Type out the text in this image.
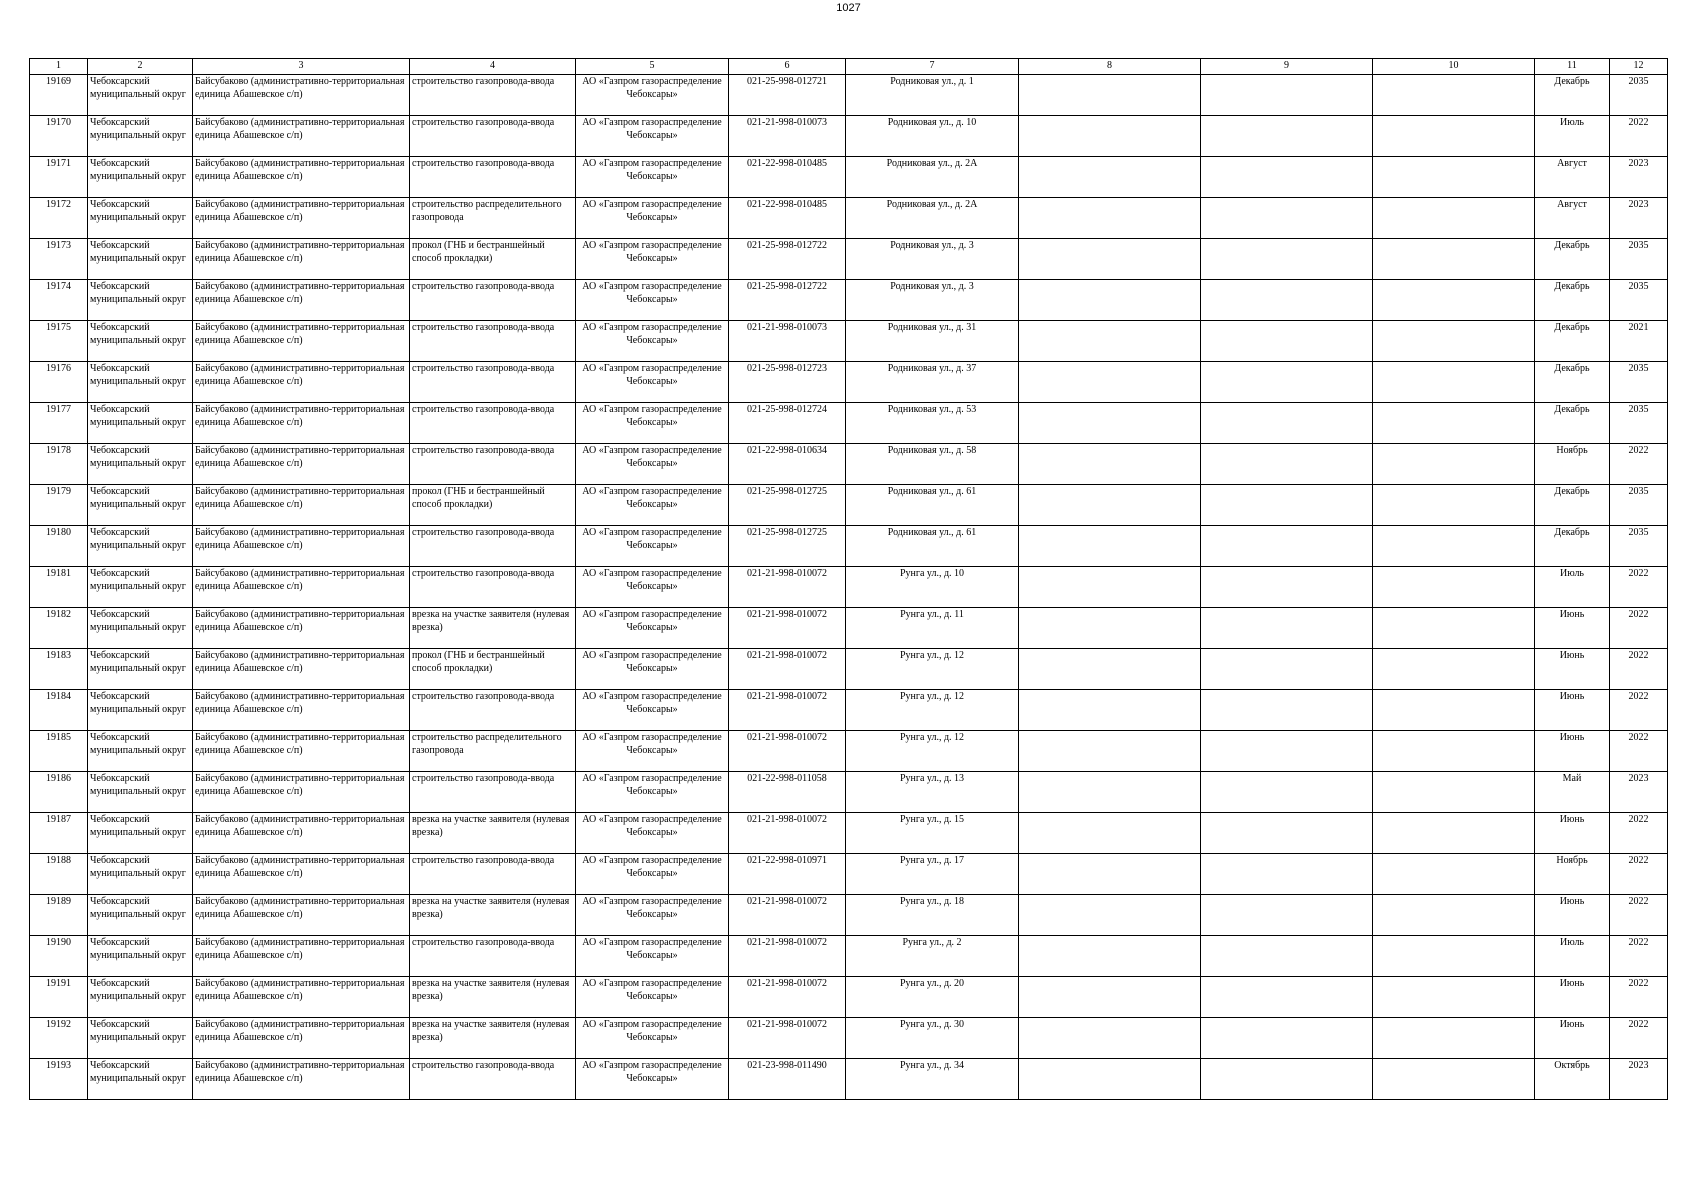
1027
1	2	3	4	5	6	7	8	9	10	11	12

19169	Чебоксарский муниципальный округ	Байсубаково (административно-территориальная единица Абашевское с/п)	строительство газопровода-ввода	АО «Газпром газораспределение Чебоксары»	021-25-998-012721	Родниковая ул., д. 1				Декабрь	2035

19170	Чебоксарский муниципальный округ	Байсубаково (административно-территориальная единица Абашевское с/п)	строительство газопровода-ввода	АО «Газпром газораспределение Чебоксары»	021-21-998-010073	Родниковая ул., д. 10				Июль	2022

19171	Чебоксарский муниципальный округ	Байсубаково (административно-территориальная единица Абашевское с/п)	строительство газопровода-ввода	АО «Газпром газораспределение Чебоксары»	021-22-998-010485	Родниковая ул., д. 2А				Август	2023

19172	Чебоксарский муниципальный округ	Байсубаково (административно-территориальная единица Абашевское с/п)	строительство распределительного газопровода	АО «Газпром газораспределение Чебоксары»	021-22-998-010485	Родниковая ул., д. 2А				Август	2023

19173	Чебоксарский муниципальный округ	Байсубаково (административно-территориальная единица Абашевское с/п)	прокол (ГНБ и бестраншейный способ прокладки)	АО «Газпром газораспределение Чебоксары»	021-25-998-012722	Родниковая ул., д. 3				Декабрь	2035

19174	Чебоксарский муниципальный округ	Байсубаково (административно-территориальная единица Абашевское с/п)	строительство газопровода-ввода	АО «Газпром газораспределение Чебоксары»	021-25-998-012722	Родниковая ул., д. 3				Декабрь	2035

19175	Чебоксарский муниципальный округ	Байсубаково (административно-территориальная единица Абашевское с/п)	строительство газопровода-ввода	АО «Газпром газораспределение Чебоксары»	021-21-998-010073	Родниковая ул., д. 31				Декабрь	2021

19176	Чебоксарский муниципальный округ	Байсубаково (административно-территориальная единица Абашевское с/п)	строительство газопровода-ввода	АО «Газпром газораспределение Чебоксары»	021-25-998-012723	Родниковая ул., д. 37				Декабрь	2035

19177	Чебоксарский муниципальный округ	Байсубаково (административно-территориальная единица Абашевское с/п)	строительство газопровода-ввода	АО «Газпром газораспределение Чебоксары»	021-25-998-012724	Родниковая ул., д. 53				Декабрь	2035

19178	Чебоксарский муниципальный округ	Байсубаково (административно-территориальная единица Абашевское с/п)	строительство газопровода-ввода	АО «Газпром газораспределение Чебоксары»	021-22-998-010634	Родниковая ул., д. 58				Ноябрь	2022

19179	Чебоксарский муниципальный округ	Байсубаково (административно-территориальная единица Абашевское с/п)	прокол (ГНБ и бестраншейный способ прокладки)	АО «Газпром газораспределение Чебоксары»	021-25-998-012725	Родниковая ул., д. 61				Декабрь	2035

19180	Чебоксарский муниципальный округ	Байсубаково (административно-территориальная единица Абашевское с/п)	строительство газопровода-ввода	АО «Газпром газораспределение Чебоксары»	021-25-998-012725	Родниковая ул., д. 61				Декабрь	2035

19181	Чебоксарский муниципальный округ	Байсубаково (административно-территориальная единица Абашевское с/п)	строительство газопровода-ввода	АО «Газпром газораспределение Чебоксары»	021-21-998-010072	Рунга ул., д. 10				Июль	2022

19182	Чебоксарский муниципальный округ	Байсубаково (административно-территориальная единица Абашевское с/п)	врезка на участке заявителя (нулевая врезка)	АО «Газпром газораспределение Чебоксары»	021-21-998-010072	Рунга ул., д. 11				Июнь	2022

19183	Чебоксарский муниципальный округ	Байсубаково (административно-территориальная единица Абашевское с/п)	прокол (ГНБ и бестраншейный способ прокладки)	АО «Газпром газораспределение Чебоксары»	021-21-998-010072	Рунга ул., д. 12				Июнь	2022

19184	Чебоксарский муниципальный округ	Байсубаково (административно-территориальная единица Абашевское с/п)	строительство газопровода-ввода	АО «Газпром газораспределение Чебоксары»	021-21-998-010072	Рунга ул., д. 12				Июнь	2022

19185	Чебоксарский муниципальный округ	Байсубаково (административно-территориальная единица Абашевское с/п)	строительство распределительного газопровода	АО «Газпром газораспределение Чебоксары»	021-21-998-010072	Рунга ул., д. 12				Июнь	2022

19186	Чебоксарский муниципальный округ	Байсубаково (административно-территориальная единица Абашевское с/п)	строительство газопровода-ввода	АО «Газпром газораспределение Чебоксары»	021-22-998-011058	Рунга ул., д. 13				Май	2023

19187	Чебоксарский муниципальный округ	Байсубаково (административно-территориальная единица Абашевское с/п)	врезка на участке заявителя (нулевая врезка)	АО «Газпром газораспределение Чебоксары»	021-21-998-010072	Рунга ул., д. 15				Июнь	2022

19188	Чебоксарский муниципальный округ	Байсубаково (административно-территориальная единица Абашевское с/п)	строительство газопровода-ввода	АО «Газпром газораспределение Чебоксары»	021-22-998-010971	Рунга ул., д. 17				Ноябрь	2022

19189	Чебоксарский муниципальный округ	Байсубаково (административно-территориальная единица Абашевское с/п)	врезка на участке заявителя (нулевая врезка)	АО «Газпром газораспределение Чебоксары»	021-21-998-010072	Рунга ул., д. 18				Июнь	2022

19190	Чебоксарский муниципальный округ	Байсубаково (административно-территориальная единица Абашевское с/п)	строительство газопровода-ввода	АО «Газпром газораспределение Чебоксары»	021-21-998-010072	Рунга ул., д. 2				Июль	2022

19191	Чебоксарский муниципальный округ	Байсубаково (административно-территориальная единица Абашевское с/п)	врезка на участке заявителя (нулевая врезка)	АО «Газпром газораспределение Чебоксары»	021-21-998-010072	Рунга ул., д. 20				Июнь	2022

19192	Чебоксарский муниципальный округ	Байсубаково (административно-территориальная единица Абашевское с/п)	врезка на участке заявителя (нулевая врезка)	АО «Газпром газораспределение Чебоксары»	021-21-998-010072	Рунга ул., д. 30				Июнь	2022

19193	Чебоксарский муниципальный округ	Байсубаково (административно-территориальная единица Абашевское с/п)	строительство газопровода-ввода	АО «Газпром газораспределение Чебоксары»	021-23-998-011490	Рунга ул., д. 34				Октябрь	2023
